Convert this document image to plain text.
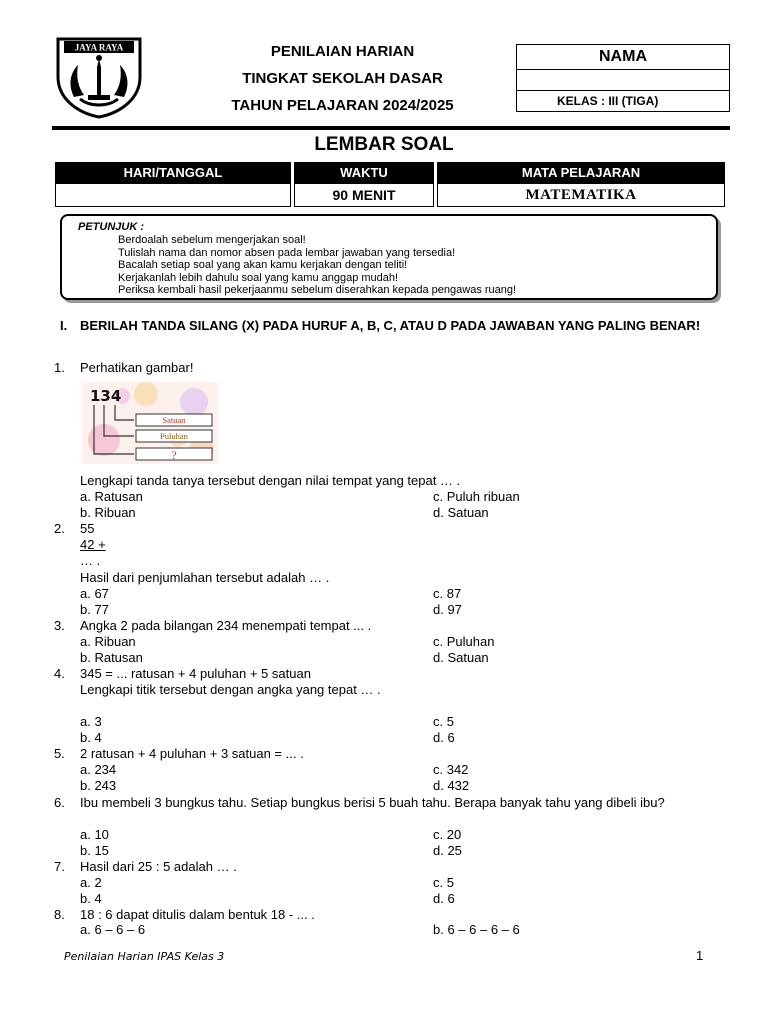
JAYA RAYA	PENILAIAN HARIAN
TINGKAT SEKOLAH DASAR
TAHUN PELAJARAN 2024/2025
NAMA
KELAS : III (TIGA)
LEMBAR SOAL
HARI/TANGGAL	WAKTU	MATA PELAJARAN
	90 MENIT	MATEMATIKA
PETUNJUK :
Berdoalah sebelum mengerjakan soal!
Tulislah nama dan nomor absen pada lembar jawaban yang tersedia!
Bacalah setiap soal yang akan kamu kerjakan dengan teliti!
Kerjakanlah lebih dahulu soal yang kamu anggap mudah!
Periksa kembali hasil pekerjaanmu sebelum diserahkan kepada pengawas ruang!
I. BERILAH TANDA SILANG (X) PADA HURUF A, B, C, ATAU D PADA JAWABAN YANG PALING BENAR!
1. Perhatikan gambar!
134
Satuan
Puluhan
?
Lengkapi tanda tanya tersebut dengan nilai tempat yang tepat … .
a. Ratusan	c. Puluh ribuan
b. Ribuan	d. Satuan
2. 55
42 +
… .
Hasil dari penjumlahan tersebut adalah … .
a. 67	c. 87
b. 77	d. 97
3. Angka 2 pada bilangan 234 menempati tempat ... .
a. Ribuan	c. Puluhan
b. Ratusan	d. Satuan
4. 345 = ... ratusan + 4 puluhan + 5 satuan
Lengkapi titik tersebut dengan angka yang tepat … .
a. 3	c. 5
b. 4	d. 6
5. 2 ratusan + 4 puluhan + 3 satuan = ... .
a. 234	c. 342
b. 243	d. 432
6. Ibu membeli 3 bungkus tahu. Setiap bungkus berisi 5 buah tahu. Berapa banyak tahu yang dibeli ibu?
a. 10	c. 20
b. 15	d. 25
7. Hasil dari 25 : 5 adalah … .
a. 2	c. 5
b. 4	d. 6
8. 18 : 6 dapat ditulis dalam bentuk 18 - ... .
a. 6 – 6 – 6	b. 6 – 6 – 6 – 6
Penilaian Harian IPAS Kelas 3	1
